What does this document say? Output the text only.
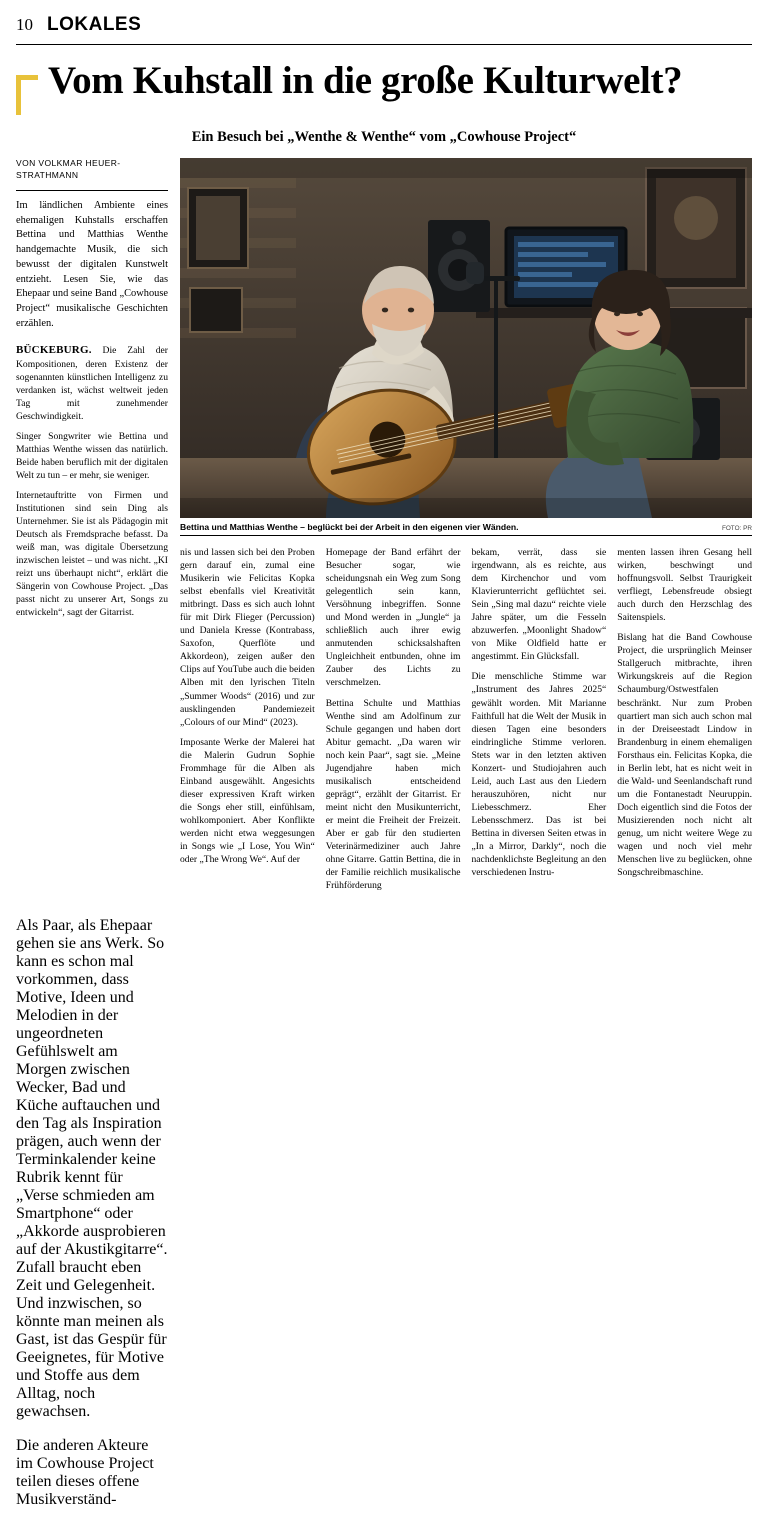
10 LOKALES
Vom Kuhstall in die große Kulturwelt?
Ein Besuch bei „Wenthe & Wenthe“ vom „Cowhouse Project“
VON VOLKMAR HEUER-STRATHMANN

Im ländlichen Ambiente eines ehemaligen Kuhstalls erschaffen Bettina und Matthias Wenthe handgemachte Musik, die sich bewusst der digitalen Kunstwelt entzieht. Lesen Sie, wie das Ehepaar und seine Band „Cowhouse Project“ musikalische Geschichten erzählen.

BÜCKEBURG. Die Zahl der Kompositionen, deren Existenz der sogenannten künstlichen Intelligenz zu verdanken ist, wächst weltweit jeden Tag mit zunehmender Geschwindigkeit.

Singer Songwriter wie Bettina und Matthias Wenthe wissen das natürlich. Beide haben beruflich mit der digitalen Welt zu tun – er mehr, sie weniger.

Internetauftritte von Firmen und Institutionen sind sein Ding als Unternehmer. Sie ist als Pädagogin mit Deutsch als Fremdsprache befasst. Da weiß man, was digitale Übersetzung inzwischen leistet – und was nicht. „KI reizt uns überhaupt nicht“, erklärt die Sängerin von Cowhouse Project. „Das passt nicht zu unserer Art, Songs zu entwickeln“, sagt der Gitarrist.

Bettina und Matthias Wenthe – beglückt bei der Arbeit in den eigenen vier Wänden.	FOTO: PR

nis und lassen sich bei den Proben gern darauf ein, zumal eine Musikerin wie Felicitas Kopka selbst ebenfalls viel Kreativität mitbringt. Dass es sich auch lohnt für mit Dirk Flieger (Percussion) und Daniela Kresse (Kontrabass, Saxofon, Querflöte und Akkordeon), zeigen außer den Clips auf YouTube auch die beiden Alben mit den lyrischen Titeln „Summer Woods“ (2016) und zur ausklingenden Pandemiezeit „Colours of our Mind“ (2023).

Imposante Werke der Malerei hat die Malerin Gudrun Sophie Frommhage für die Alben als Einband ausgewählt. Angesichts dieser expressiven Kraft wirken die Songs eher still, einfühlsam, wohlkomponiert. Aber Konflikte werden nicht etwa weggesungen in Songs wie „I Lose, You Win“ oder „The Wrong We“. Auf der

Homepage der Band erfährt der Besucher sogar, wie scheidungsnah ein Weg zum Song gelegentlich sein kann, Versöhnung inbegriffen. Sonne und Mond werden in „Jungle“ ja schließlich auch ihrer ewig anmutenden schicksalshaften Ungleichheit entbunden, ohne im Zauber des Lichts zu verschmelzen.

Bettina Schulte und Matthias Wenthe sind am Adolfinum zur Schule gegangen und haben dort Abitur gemacht. „Da waren wir noch kein Paar“, sagt sie. „Meine Jugendjahre haben mich musikalisch entscheidend geprägt“, erzählt der Gitarrist. Er meint nicht den Musikunterricht, er meint die Freiheit der Freizeit. Aber er gab für den studierten Veterinärmediziner auch Jahre ohne Gitarre. Gattin Bettina, die in der Familie reichlich musikalische Frühförderung

bekam, verrät, dass sie irgendwann, als es reichte, aus dem Kirchenchor und vom Klavierunterricht geflüchtet sei. Sein „Sing mal dazu“ reichte viele Jahre später, um die Fesseln abzuwerfen. „Moonlight Shadow“ von Mike Oldfield hatte er angestimmt. Ein Glücksfall.

Die menschliche Stimme war „Instrument des Jahres 2025“ gewählt worden. Mit Marianne Faithfull hat die Welt der Musik in diesen Tagen eine besonders eindringliche Stimme verloren. Stets war in den letzten aktiven Konzert- und Studiojahren auch Leid, auch Last aus den Liedern herauszuhören, nicht nur Liebesschmerz. Eher Lebensschmerz. Das ist bei Bettina in diversen Seiten etwas in „In a Mirror, Darkly“, noch die nachdenklichste Begleitung an den verschiedenen Instru-

menten lassen ihren Gesang hell wirken, beschwingt und hoffnungsvoll. Selbst Traurigkeit verfliegt, Lebensfreude obsiegt auch durch den Herzschlag des Saitenspiels.

Bislang hat die Band Cowhouse Project, die ursprünglich Meinser Stallgeruch mitbrachte, ihren Wirkungskreis auf die Region Schaumburg/Ostwestfalen beschränkt. Nur zum Proben quartiert man sich auch schon mal in der Dreiseestadt Lindow in Brandenburg in einem ehemaligen Forsthaus ein. Felicitas Kopka, die in Berlin lebt, hat es nicht weit in die Wald- und Seenlandschaft rund um die Fontanestadt Neuruppin. Doch eigentlich sind die Fotos der Musizierenden noch nicht alt genug, um nicht weitere Wege zu wagen und noch viel mehr Menschen live zu beglücken, ohne Songschreibmaschine.

Als Paar, als Ehepaar gehen sie ans Werk. So kann es schon mal vorkommen, dass Motive, Ideen und Melodien in der ungeordneten Gefühlswelt am Morgen zwischen Wecker, Bad und Küche auftauchen und den Tag als Inspiration prägen, auch wenn der Terminkalender keine Rubrik kennt für „Verse schmieden am Smartphone“ oder „Akkorde ausprobieren auf der Akustikgitarre“. Zufall braucht eben Zeit und Gelegenheit. Und inzwischen, so könnte man meinen als Gast, ist das Gespür für Geeignetes, für Motive und Stoffe aus dem Alltag, noch gewachsen.

Die anderen Akteure im Cowhouse Project teilen dieses offene Musikverständ-
